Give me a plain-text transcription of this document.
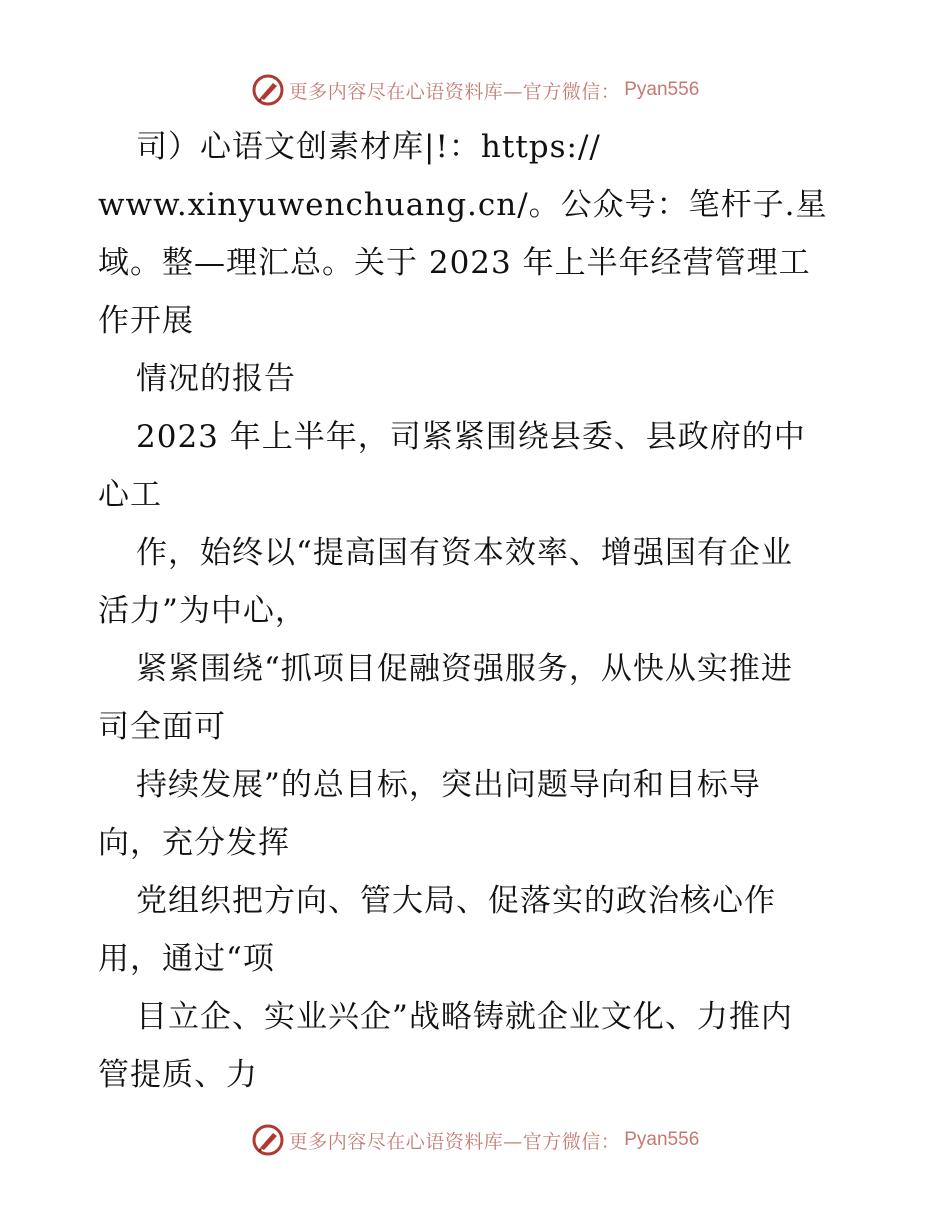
更多内容尽在心语资料库—官方微信： Pyan556
司）心语文创素材库|!：https://
www.xinyuwenchuang.cn/。公众号：笔杆子.星
域。整—理汇总。关于 2023 年上半年经营管理工
作开展
情况的报告
2023 年上半年，司紧紧围绕县委、县政府的中
心工
作，始终以“提高国有资本效率、增强国有企业
活力”为中心，
紧紧围绕“抓项目促融资强服务，从快从实推进
司全面可
持续发展”的总目标，突出问题导向和目标导
向，充分发挥
党组织把方向、管大局、促落实的政治核心作
用，通过“项
目立企、实业兴企”战略铸就企业文化、力推内
管提质、力
更多内容尽在心语资料库—官方微信： Pyan556
